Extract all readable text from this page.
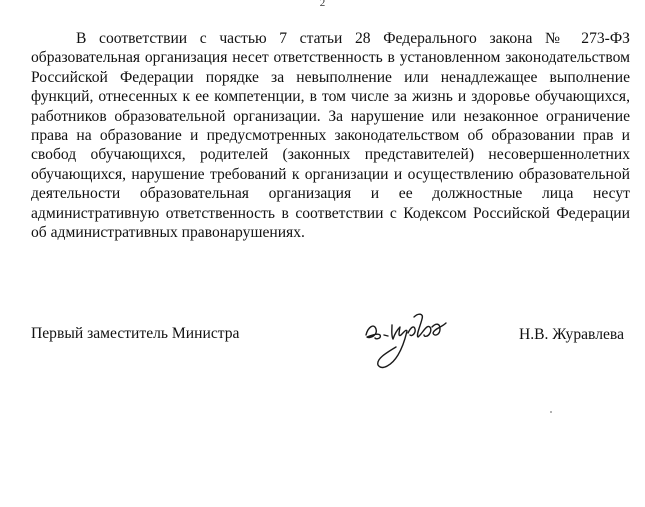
2

В соответствии с частью 7 статьи 28 Федерального закона № 273-ФЗ образовательная организация несет ответственность в установленном законодательством Российской Федерации порядке за невыполнение или ненадлежащее выполнение функций, отнесенных к ее компетенции, в том числе за жизнь и здоровье обучающихся, работников образовательной организации. За нарушение или незаконное ограничение права на образование и предусмотренных законодательством об образовании прав и свобод обучающихся, родителей (законных представителей) несовершеннолетних обучающихся, нарушение требований к организации и осуществлению образовательной деятельности образовательная организация и ее должностные лица несут административную ответственность в соответствии с Кодексом Российской Федерации об административных правонарушениях.

Первый заместитель Министра	Н.В. Журавлева
